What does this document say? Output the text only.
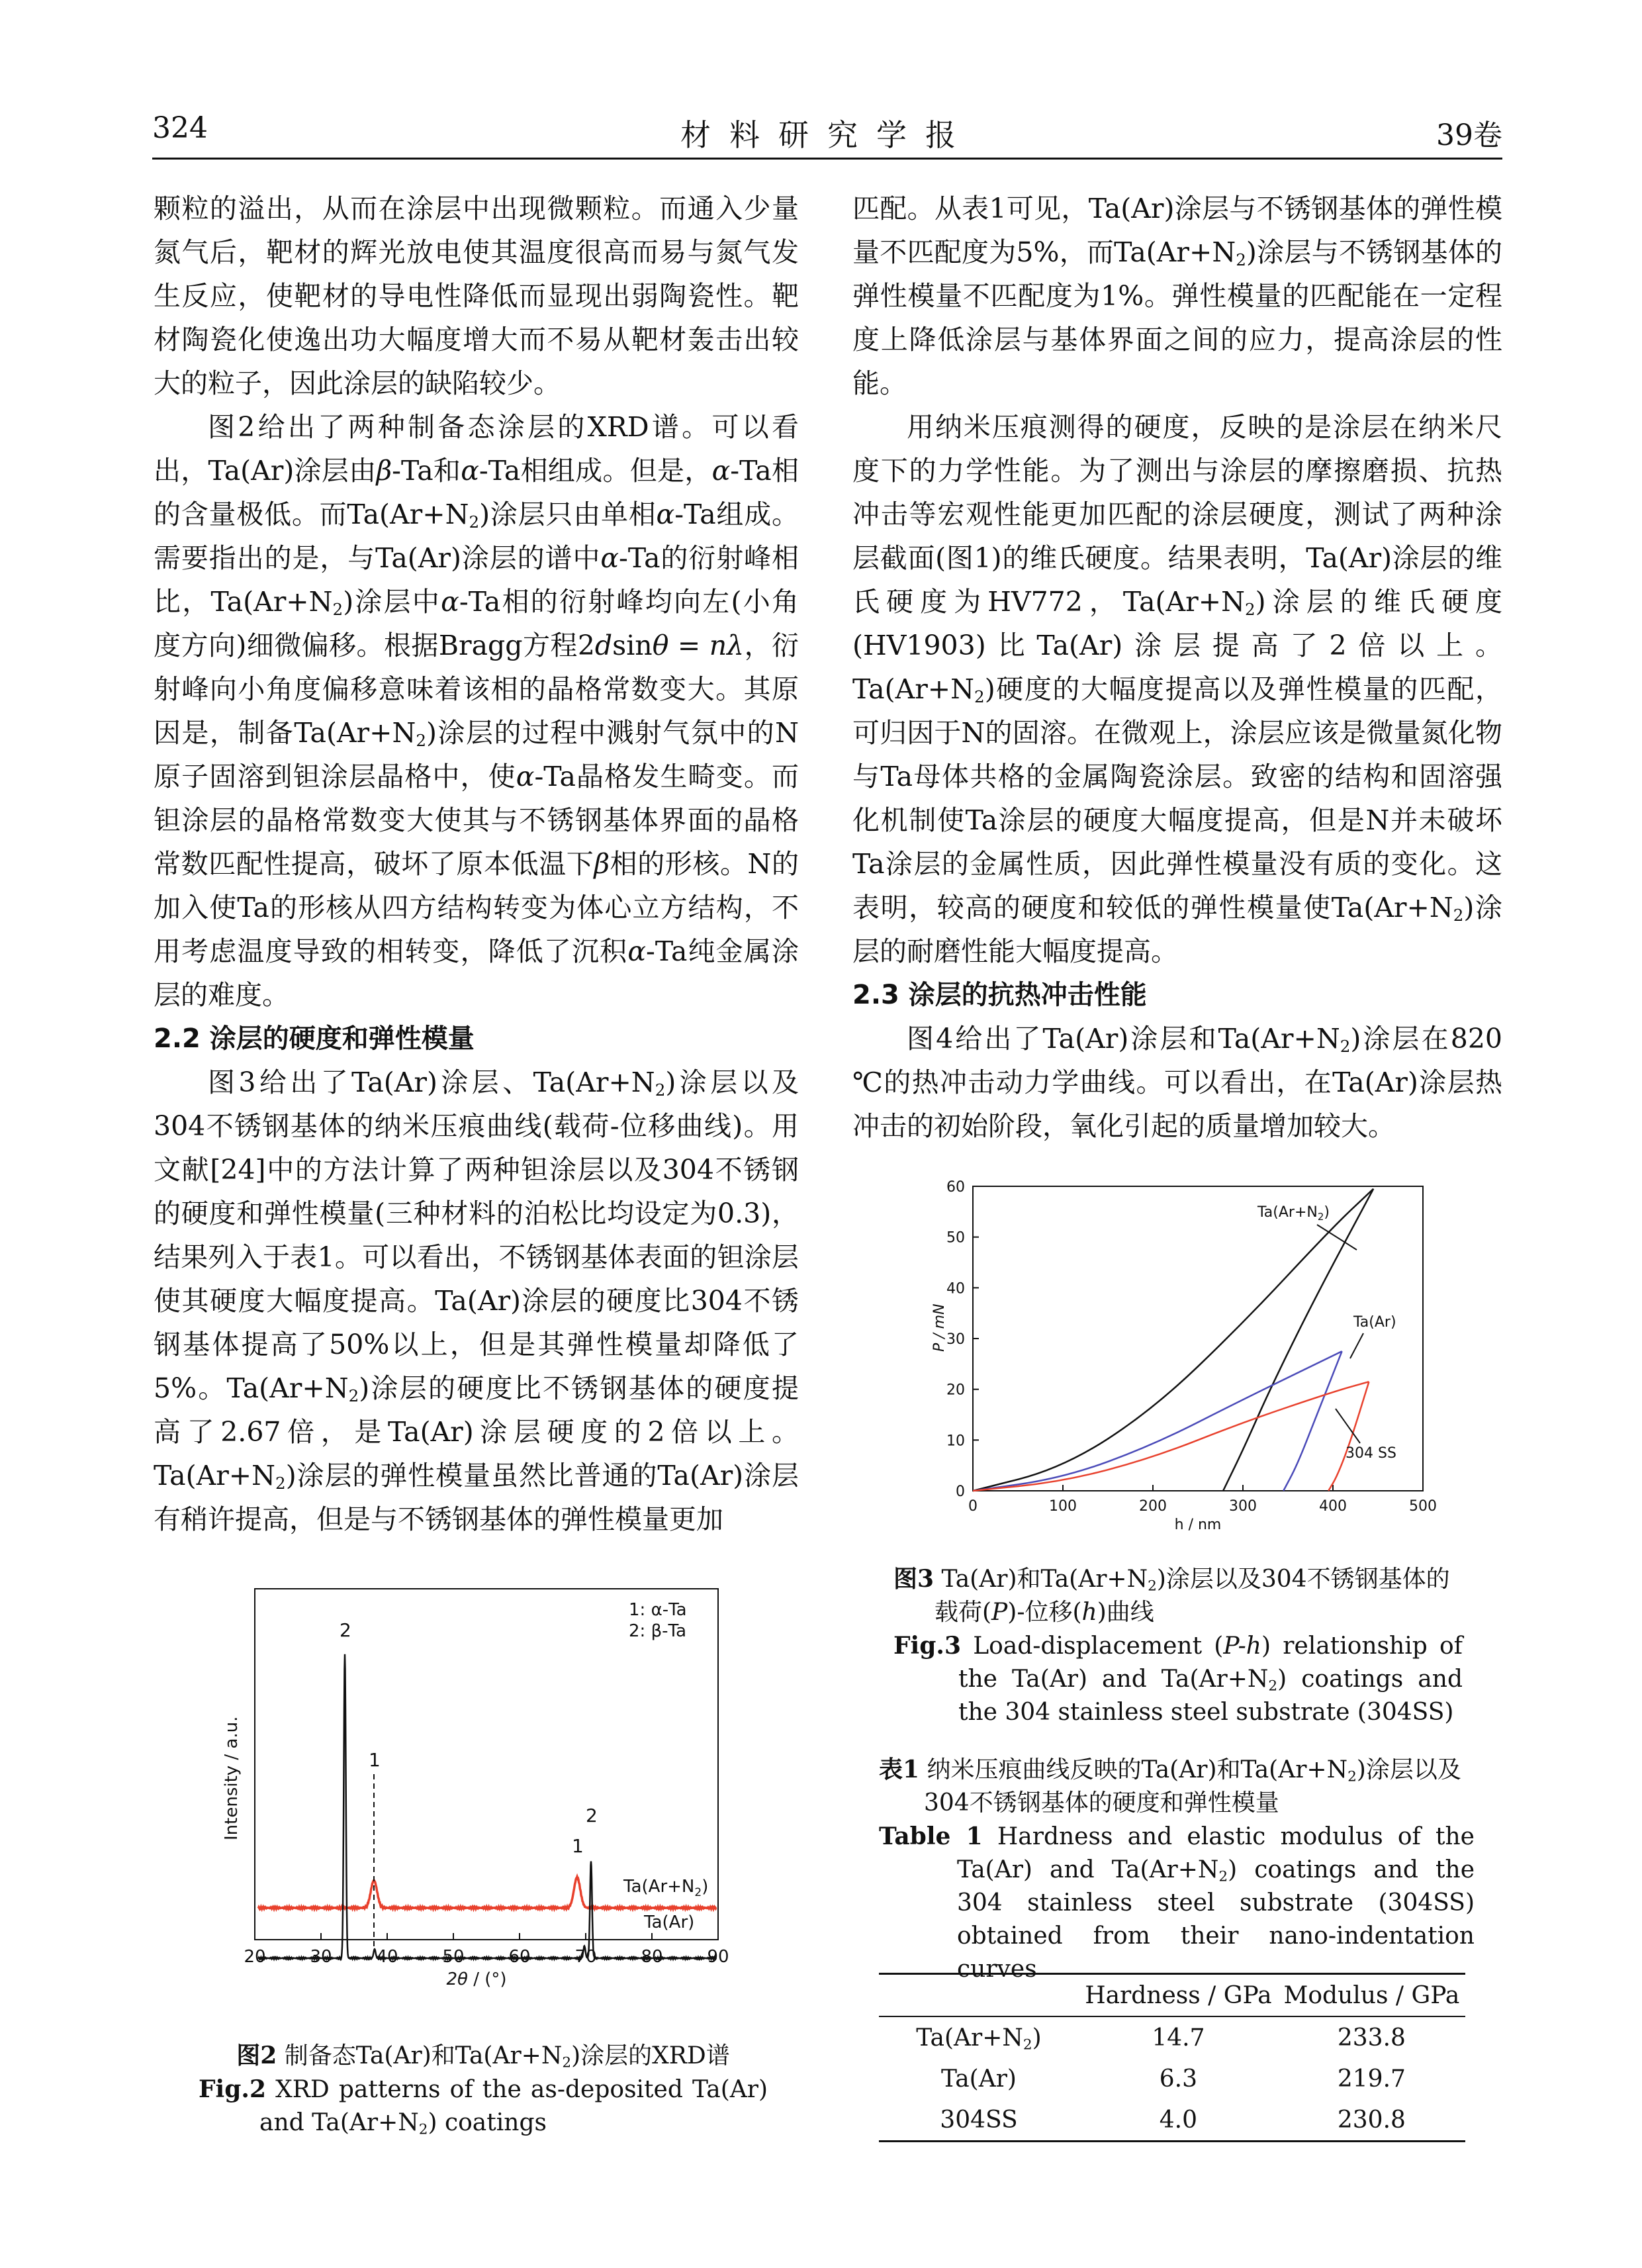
324	材料研究学报	39卷

颗粒的溢出，从而在涂层中出现微颗粒。而通入少量氮气后，靶材的辉光放电使其温度很高而易与氮气发生反应，使靶材的导电性降低而显现出弱陶瓷性。靶材陶瓷化使逸出功大幅度增大而不易从靶材轰击出较大的粒子，因此涂层的缺陷较少。

图2给出了两种制备态涂层的XRD谱。可以看出，Ta(Ar)涂层由β-Ta和α-Ta相组成。但是，α-Ta相的含量极低。而$Ta(Ar+N_2)$涂层只由单相α-Ta组成。需要指出的是，与Ta(Ar)涂层的谱中α-Ta的衍射峰相比，$Ta(Ar+N_2)$涂层中α-Ta相的衍射峰均向左(小角度方向)细微偏移。根据Bragg方程2dsinθ = nλ，衍射峰向小角度偏移意味着该相的晶格常数变大。其原因是，制备$Ta(Ar+N_2)$涂层的过程中溅射气氛中的N原子固溶到钽涂层晶格中，使α-Ta晶格发生畸变。而钽涂层的晶格常数变大使其与不锈钢基体界面的晶格常数匹配性提高，破坏了原本低温下β相的形核。N的加入使Ta的形核从四方结构转变为体心立方结构，不用考虑温度导致的相转变，降低了沉积α-Ta纯金属涂层的难度。

2.2 涂层的硬度和弹性模量

图3给出了Ta(Ar)涂层、$Ta(Ar+N_2)$涂层以及304不锈钢基体的纳米压痕曲线(载荷-位移曲线)。用文献[24]中的方法计算了两种钽涂层以及304不锈钢的硬度和弹性模量(三种材料的泊松比均设定为0.3)，结果列入于表1。可以看出，不锈钢基体表面的钽涂层使其硬度大幅度提高。Ta(Ar)涂层的硬度比304不锈钢基体提高了50%以上，但是其弹性模量却降低了5%。$Ta(Ar+N_2)$涂层的硬度比不锈钢基体的硬度提高了2.67倍，是Ta(Ar)涂层硬度的2倍以上。$Ta(Ar+N_2)$涂层的弹性模量虽然比普通的Ta(Ar)涂层有稍许提高，但是与不锈钢基体的弹性模量更加

匹配。从表1可见，Ta(Ar)涂层与不锈钢基体的弹性模量不匹配度为5%，而$Ta(Ar+N_2)$涂层与不锈钢基体的弹性模量不匹配度为1%。弹性模量的匹配能在一定程度上降低涂层与基体界面之间的应力，提高涂层的性能。

用纳米压痕测得的硬度，反映的是涂层在纳米尺度下的力学性能。为了测出与涂层的摩擦磨损、抗热冲击等宏观性能更加匹配的涂层硬度，测试了两种涂层截面(图1)的维氏硬度。结果表明，Ta(Ar)涂层的维氏硬度为HV772，$Ta(Ar+N_2)$涂层的维氏硬度(HV1903)比Ta(Ar)涂层提高了2倍以上。$Ta(Ar+N_2)$硬度的大幅度提高以及弹性模量的匹配，可归因于N的固溶。在微观上，涂层应该是微量氮化物与Ta母体共格的金属陶瓷涂层。致密的结构和固溶强化机制使Ta涂层的硬度大幅度提高，但是N并未破坏Ta涂层的金属性质，因此弹性模量没有质的变化。这表明，较高的硬度和较低的弹性模量使$Ta(Ar+N_2)$涂层的耐磨性能大幅度提高。

2.3 涂层的抗热冲击性能

图4给出了Ta(Ar)涂层和$Ta(Ar+N_2)$涂层在820 ℃的热冲击动力学曲线。可以看出，在Ta(Ar)涂层热冲击的初始阶段，氧化引起的质量增加较大。

20	30	40	50	60	70	80	90
2
1
1
2
1: α-Ta
2: β-Ta
$Ta(Ar+N_2)$
Ta(Ar)
Intensity / a.u.
2θ / (°)
图2 制备态Ta(Ar)和$Ta(Ar+N_2)$涂层的XRD谱
Fig.2 XRD patterns of the as-deposited Ta(Ar) and $Ta(Ar+N_2)$ coatings
0	100	200	300	400	500
0
10
20
30
40
50
60
$Ta(Ar+N_2)$
Ta(Ar)
304 SS
P / mN
h / nm
图3 Ta(Ar)和$Ta(Ar+N_2)$涂层以及304不锈钢基体的载荷(P)-位移(h)曲线
Fig.3 Load-displacement (P-h) relationship of the Ta(Ar) and $Ta(Ar+N_2)$ coatings and the 304 stainless steel substrate (304SS)
表1 纳米压痕曲线反映的Ta(Ar)和$Ta(Ar+N_2)$涂层以及304不锈钢基体的硬度和弹性模量
Table 1 Hardness and elastic modulus of the Ta(Ar) and $Ta(Ar+N_2)$ coatings and the 304 stainless steel substrate (304SS) obtained from their nano-indentation curves
	Hardness / GPa	Modulus / GPa
$Ta(Ar+N_2)$	14.7	233.8
Ta(Ar)	6.3	219.7
304SS	4.0	230.8
